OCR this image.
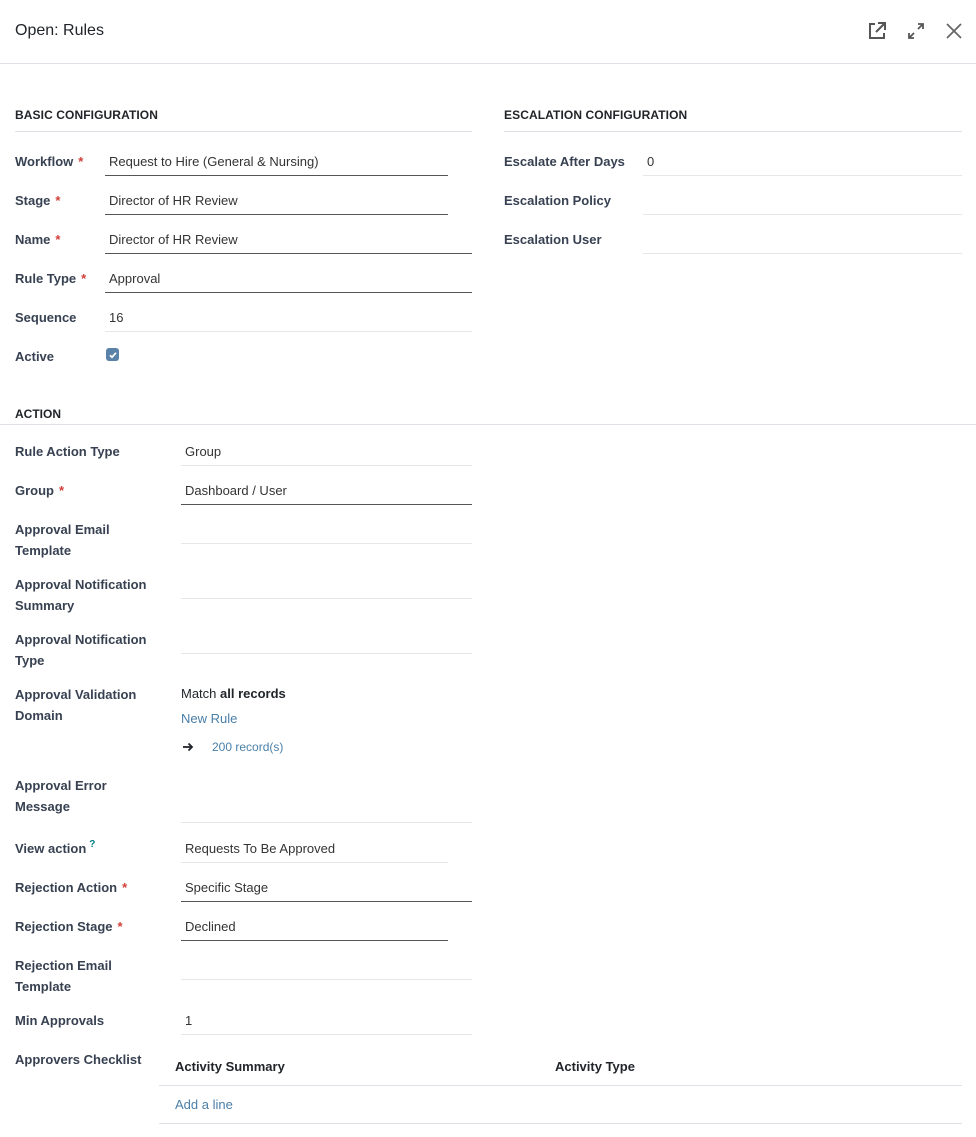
Open: Rules
BASIC CONFIGURATION
Workflow *	Request to Hire (General & Nursing)
Stage *	Director of HR Review
Name *	Director of HR Review
Rule Type *	Approval
Sequence	16
Active
ESCALATION CONFIGURATION
Escalate After Days	0
Escalation Policy
Escalation User
ACTION
Rule Action Type	Group
Group *	Dashboard / User
Approval Email
Template
Approval Notification
Summary
Approval Notification
Type
Approval Validation
Domain
Match all records
New Rule
200 record(s)
Approval Error
Message
View action ?	Requests To Be Approved
Rejection Action *	Specific Stage
Rejection Stage *	Declined
Rejection Email
Template
Min Approvals	1
Approvers Checklist	Activity Summary	Activity Type
Add a line
